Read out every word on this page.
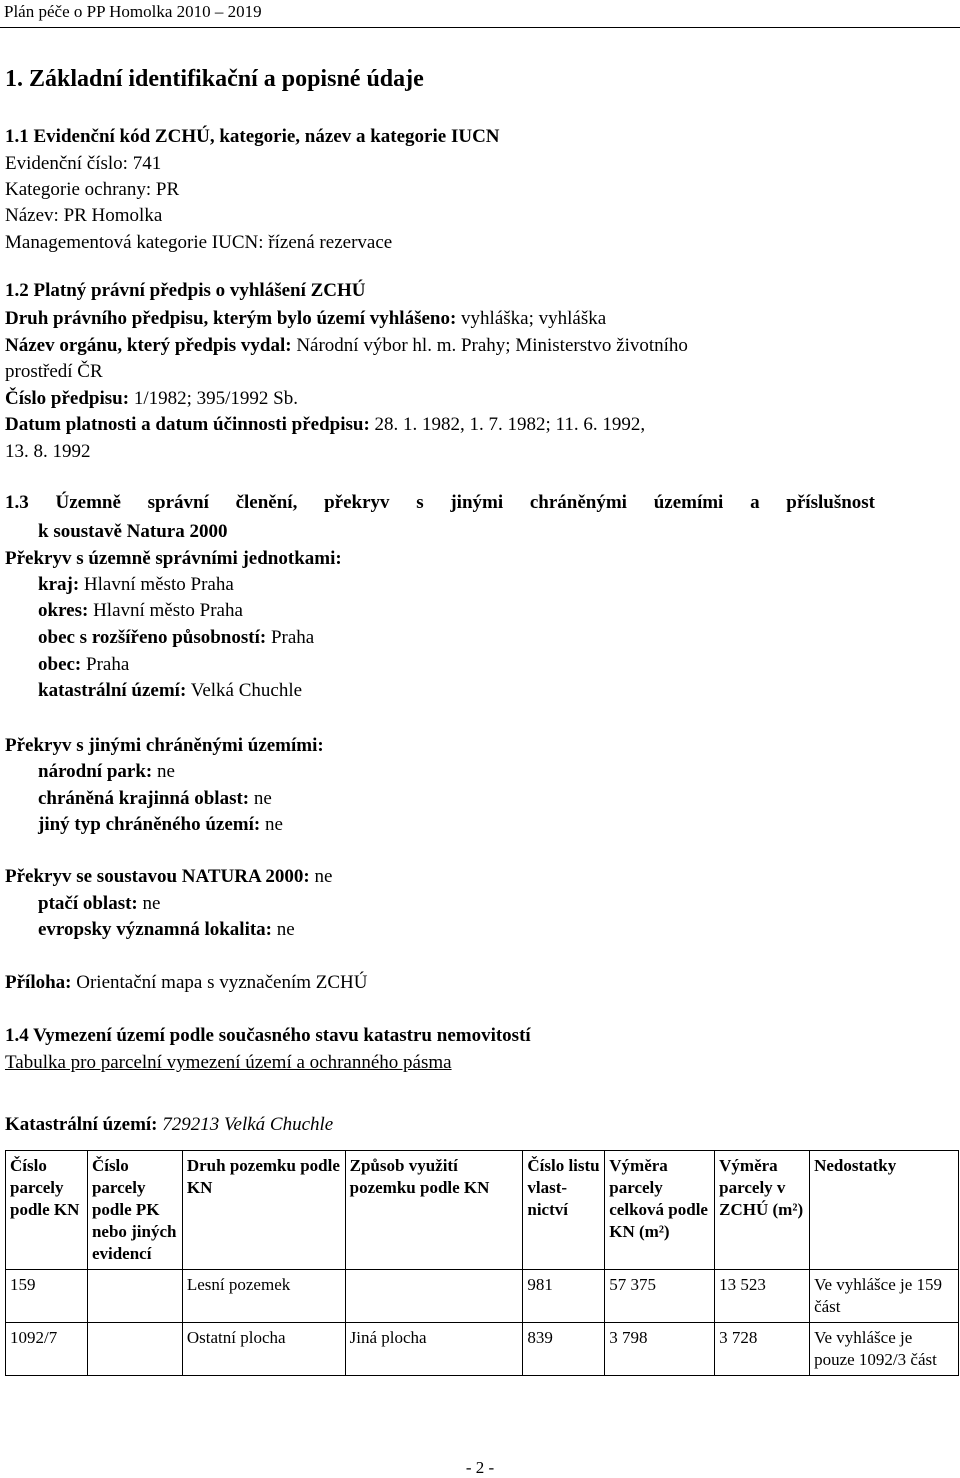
Plán péče o PP Homolka 2010 – 2019
1. Základní identifikační a popisné údaje
1.1 Evidenční kód ZCHÚ, kategorie, název a kategorie IUCN
Evidenční číslo: 741
Kategorie ochrany: PR
Název: PR Homolka
Managementová kategorie IUCN: řízená rezervace
1.2 Platný právní předpis o vyhlášení ZCHÚ
Druh právního předpisu, kterým bylo území vyhlášeno: vyhláška; vyhláška
Název orgánu, který předpis vydal: Národní výbor hl. m. Prahy; Ministerstvo životního
prostředí ČR
Číslo předpisu: 1/1982; 395/1992 Sb.
Datum platnosti a datum účinnosti předpisu: 28. 1. 1982, 1. 7. 1982; 11. 6. 1992,
13. 8. 1992
1.3 Územně správní členění, překryv s jinými chráněnými územími a příslušnost
k soustavě Natura 2000
Překryv s územně správními jednotkami:
kraj: Hlavní město Praha
okres: Hlavní město Praha
obec s rozšířeno působností: Praha
obec: Praha
katastrální území: Velká Chuchle
Překryv s jinými chráněnými územími:
národní park: ne
chráněná krajinná oblast: ne
jiný typ chráněného území: ne
Překryv se soustavou NATURA 2000: ne
ptačí oblast: ne
evropsky významná lokalita: ne
Příloha: Orientační mapa s vyznačením ZCHÚ
1.4 Vymezení území podle současného stavu katastru nemovitostí
Tabulka pro parcelní vymezení území a ochranného pásma
Katastrální území: 729213 Velká Chuchle
Číslo parcely podle KN	Číslo parcely podle PK nebo jiných evidencí	Druh pozemku podle KN	Způsob využití pozemku podle KN	Číslo listu vlast-nictví	Výměra parcely celková podle KN (m²)	Výměra parcely v ZCHÚ (m²)	Nedostatky
159		Lesní pozemek		981	57 375	13 523	Ve vyhlášce je 159 část
1092/7		Ostatní plocha	Jiná plocha	839	3 798	3 728	Ve vyhlášce je pouze 1092/3 část
- 2 -
